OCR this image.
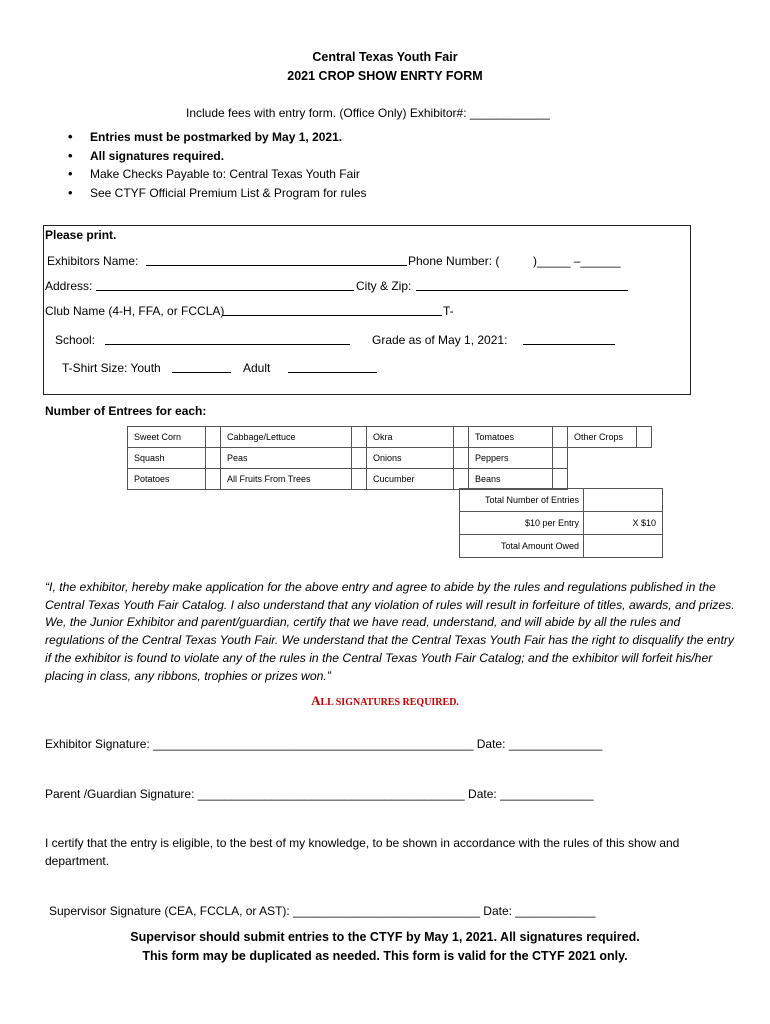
Central Texas Youth Fair
2021 CROP SHOW ENRTY FORM
Include fees with entry form. (Office Only) Exhibitor#: ____________
• Entries must be postmarked by May 1, 2021.
• All signatures required.
• Make Checks Payable to: Central Texas Youth Fair
• See CTYF Official Premium List & Program for rules
Please print.
Exhibitors Name:	Phone Number: (	)_____ –______
Address:	City & Zip:
Club Name (4-H, FFA, or FCCLA)	T-
School:	Grade as of May 1, 2021:
T-Shirt Size: Youth	Adult
Number of Entrees for each:
Sweet Corn		Cabbage/Lettuce		Okra		Tomatoes		Other Crops	
Squash		Peas		Onions		Peppers			
Potatoes		All Fruits From Trees		Cucumber		Beans			
Total Number of Entries	
$10 per Entry	X $10
Total Amount Owed	
“I, the exhibitor, hereby make application for the above entry and agree to abide by the rules and regulations published in the Central Texas Youth Fair Catalog. I also understand that any violation of rules will result in forfeiture of titles, awards, and prizes. We, the Junior Exhibitor and parent/guardian, certify that we have read, understand, and will abide by all the rules and regulations of the Central Texas Youth Fair. We understand that the Central Texas Youth Fair has the right to disqualify the entry if the exhibitor is found to violate any of the rules in the Central Texas Youth Fair Catalog; and the exhibitor will forfeit his/her placing in class, any ribbons, trophies or prizes won.”
ALL SIGNATURES REQUIRED.
Exhibitor Signature: ________________________________________________ Date: ______________
Parent /Guardian Signature: ________________________________________ Date: ______________
I certify that the entry is eligible, to the best of my knowledge, to be shown in accordance with the rules of this show and department.
Supervisor Signature (CEA, FCCLA, or AST): ____________________________ Date: ____________
Supervisor should submit entries to the CTYF by May 1, 2021. All signatures required.
This form may be duplicated as needed. This form is valid for the CTYF 2021 only.
